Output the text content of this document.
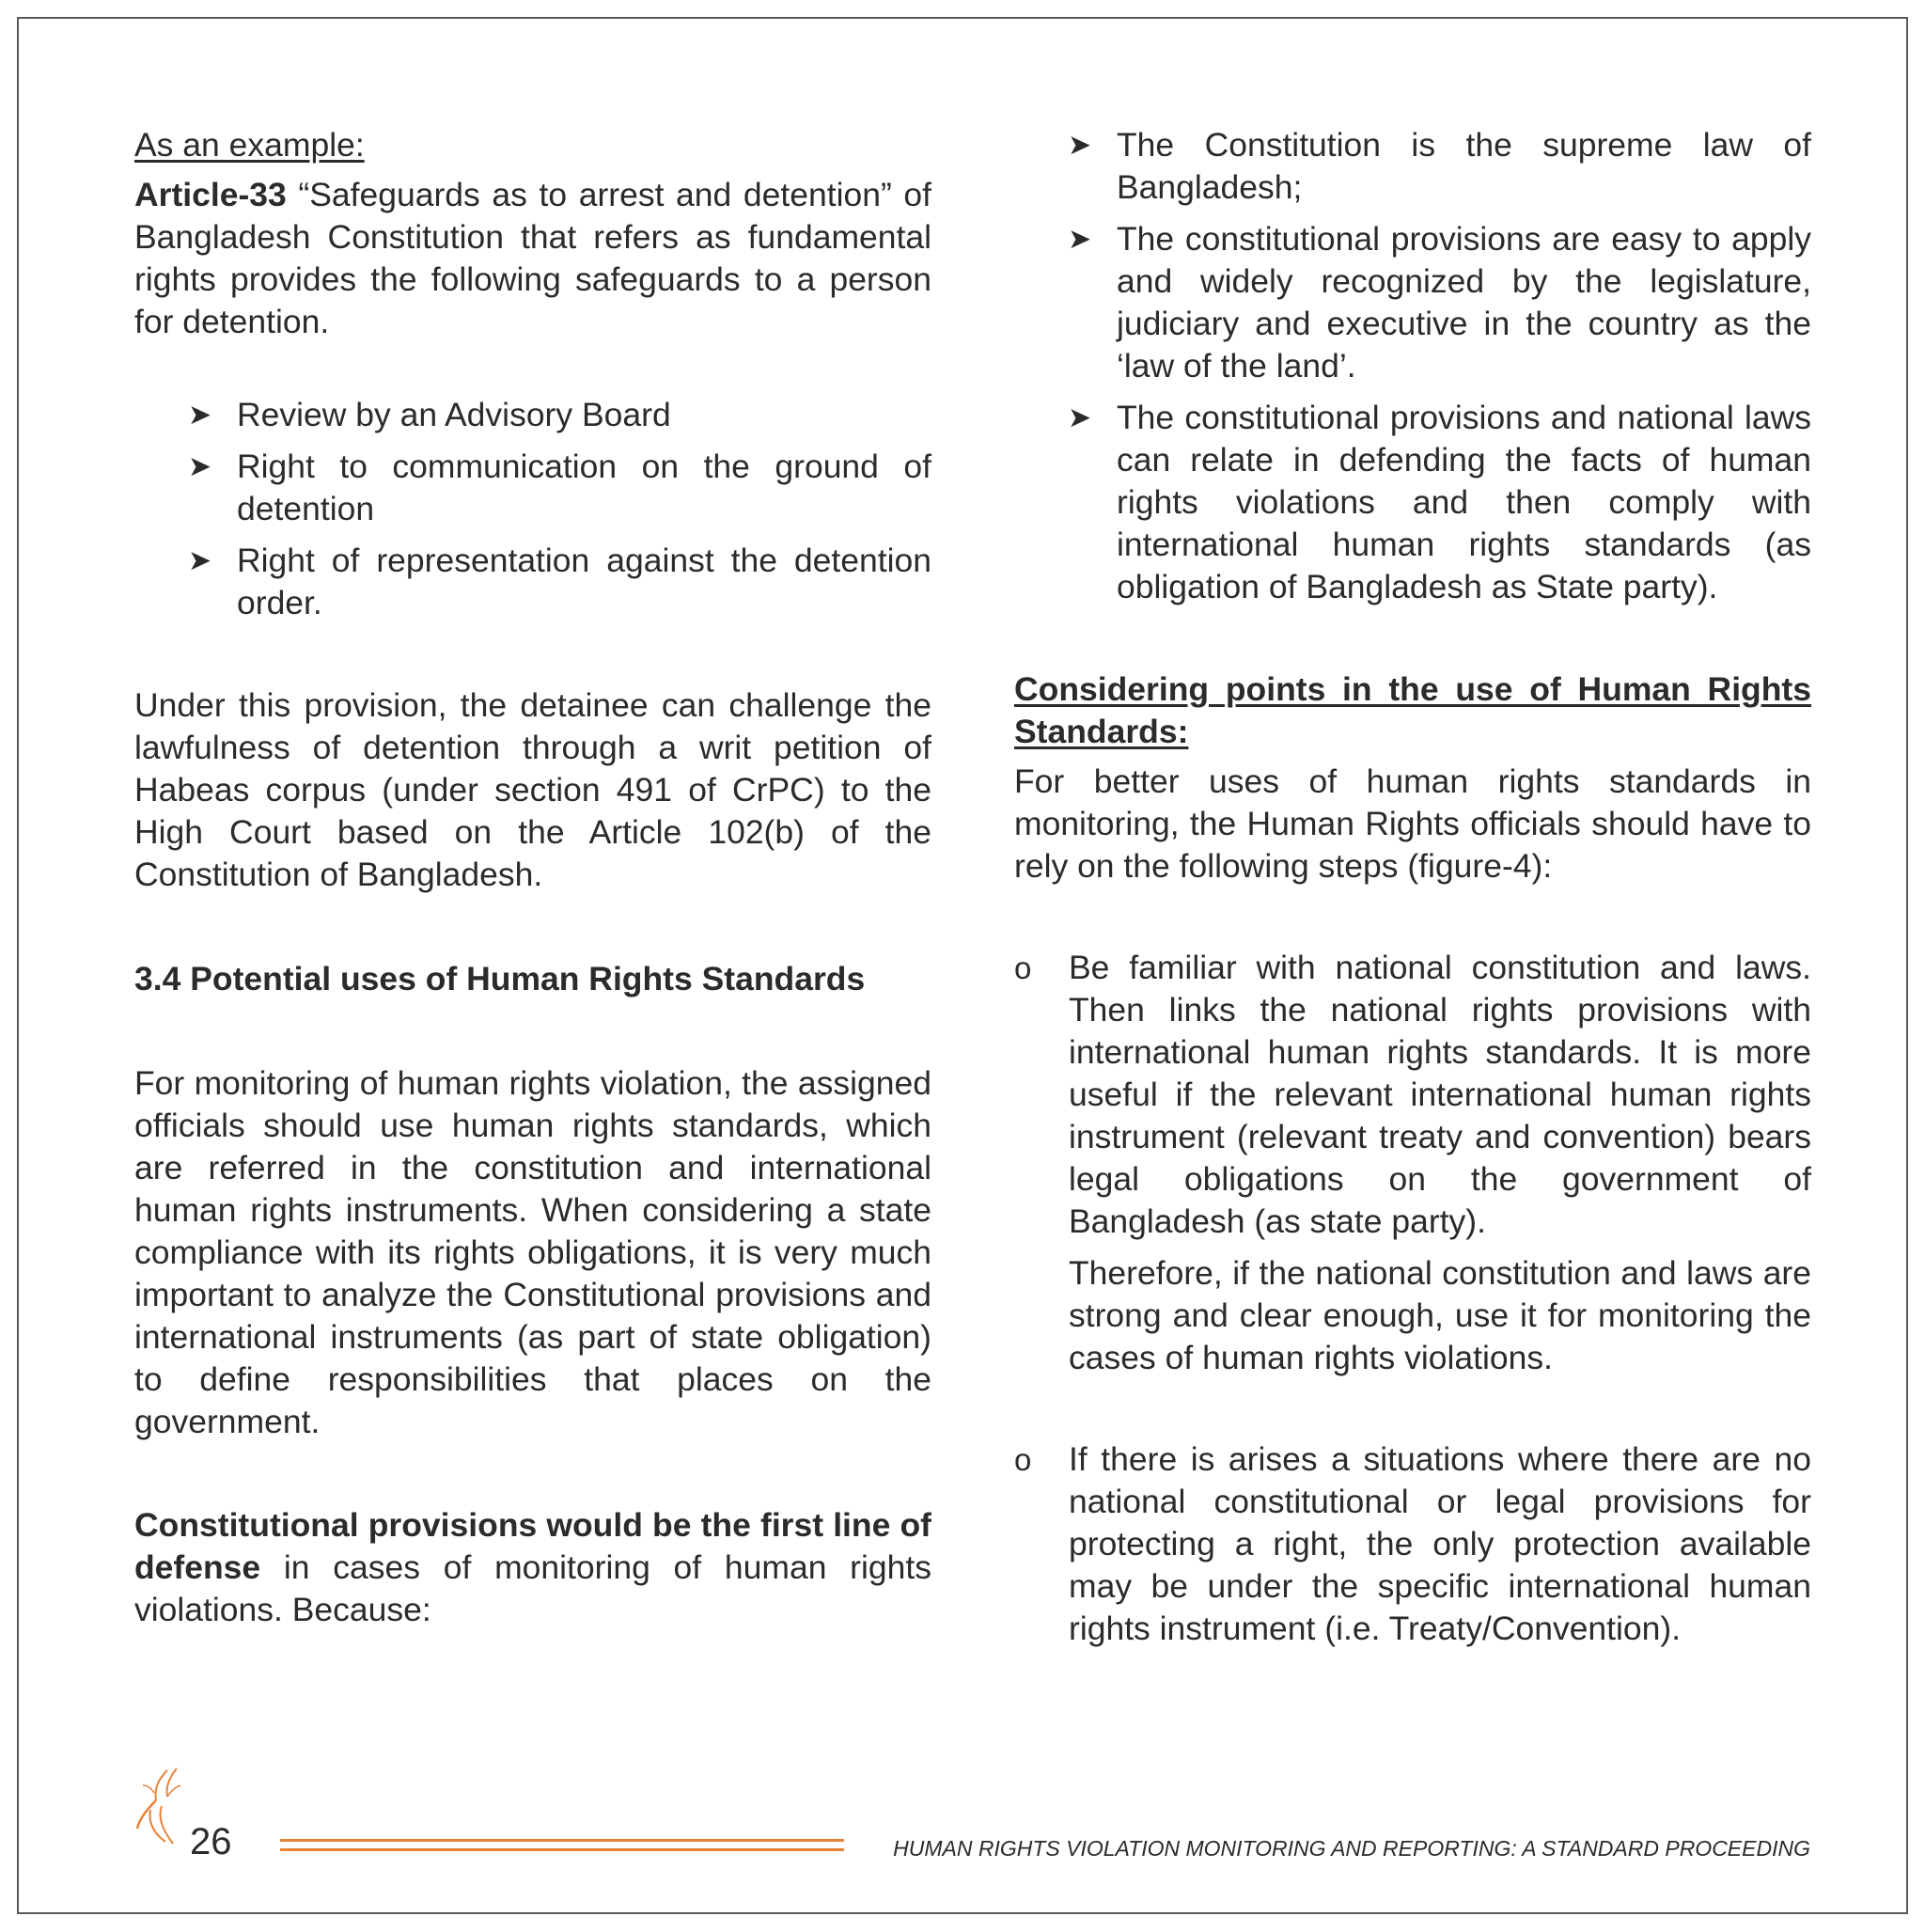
As an example:

Article-33 “Safeguards as to arrest and detention” of Bangladesh Constitution that refers as fundamental rights provides the following safeguards to a person for detention.

➤ Review by an Advisory Board
➤ Right to communication on the ground of detention
➤ Right of representation against the detention order.

Under this provision, the detainee can challenge the lawfulness of detention through a writ petition of Habeas corpus (under section 491 of CrPC) to the High Court based on the Article 102(b) of the Constitution of Bangladesh.

3.4 Potential uses of Human Rights Standards

For monitoring of human rights violation, the assigned officials should use human rights standards, which are referred in the constitution and international human rights instruments. When considering a state compliance with its rights obligations, it is very much important to analyze the Constitutional provisions and international instruments (as part of state obligation) to define responsibilities that places on the government.

Constitutional provisions would be the first line of defense in cases of monitoring of human rights violations. Because:

➤ The Constitution is the supreme law of Bangladesh;
➤ The constitutional provisions are easy to apply and widely recognized by the legislature, judiciary and executive in the country as the ‘law of the land’.
➤ The constitutional provisions and national laws can relate in defending the facts of human rights violations and then comply with international human rights standards (as obligation of Bangladesh as State party).

Considering points in the use of Human Rights Standards:

For better uses of human rights standards in monitoring, the Human Rights officials should have to rely on the following steps (figure-4):

o Be familiar with national constitution and laws. Then links the national rights provisions with international human rights standards. It is more useful if the relevant international human rights instrument (relevant treaty and convention) bears legal obligations on the government of Bangladesh (as state party).

Therefore, if the national constitution and laws are strong and clear enough, use it for monitoring the cases of human rights violations.

o If there is arises a situations where there are no national constitutional or legal provisions for protecting a right, the only protection available may be under the specific international human rights instrument (i.e. Treaty/Convention).

26	HUMAN RIGHTS VIOLATION MONITORING AND REPORTING: A STANDARD PROCEEDING
